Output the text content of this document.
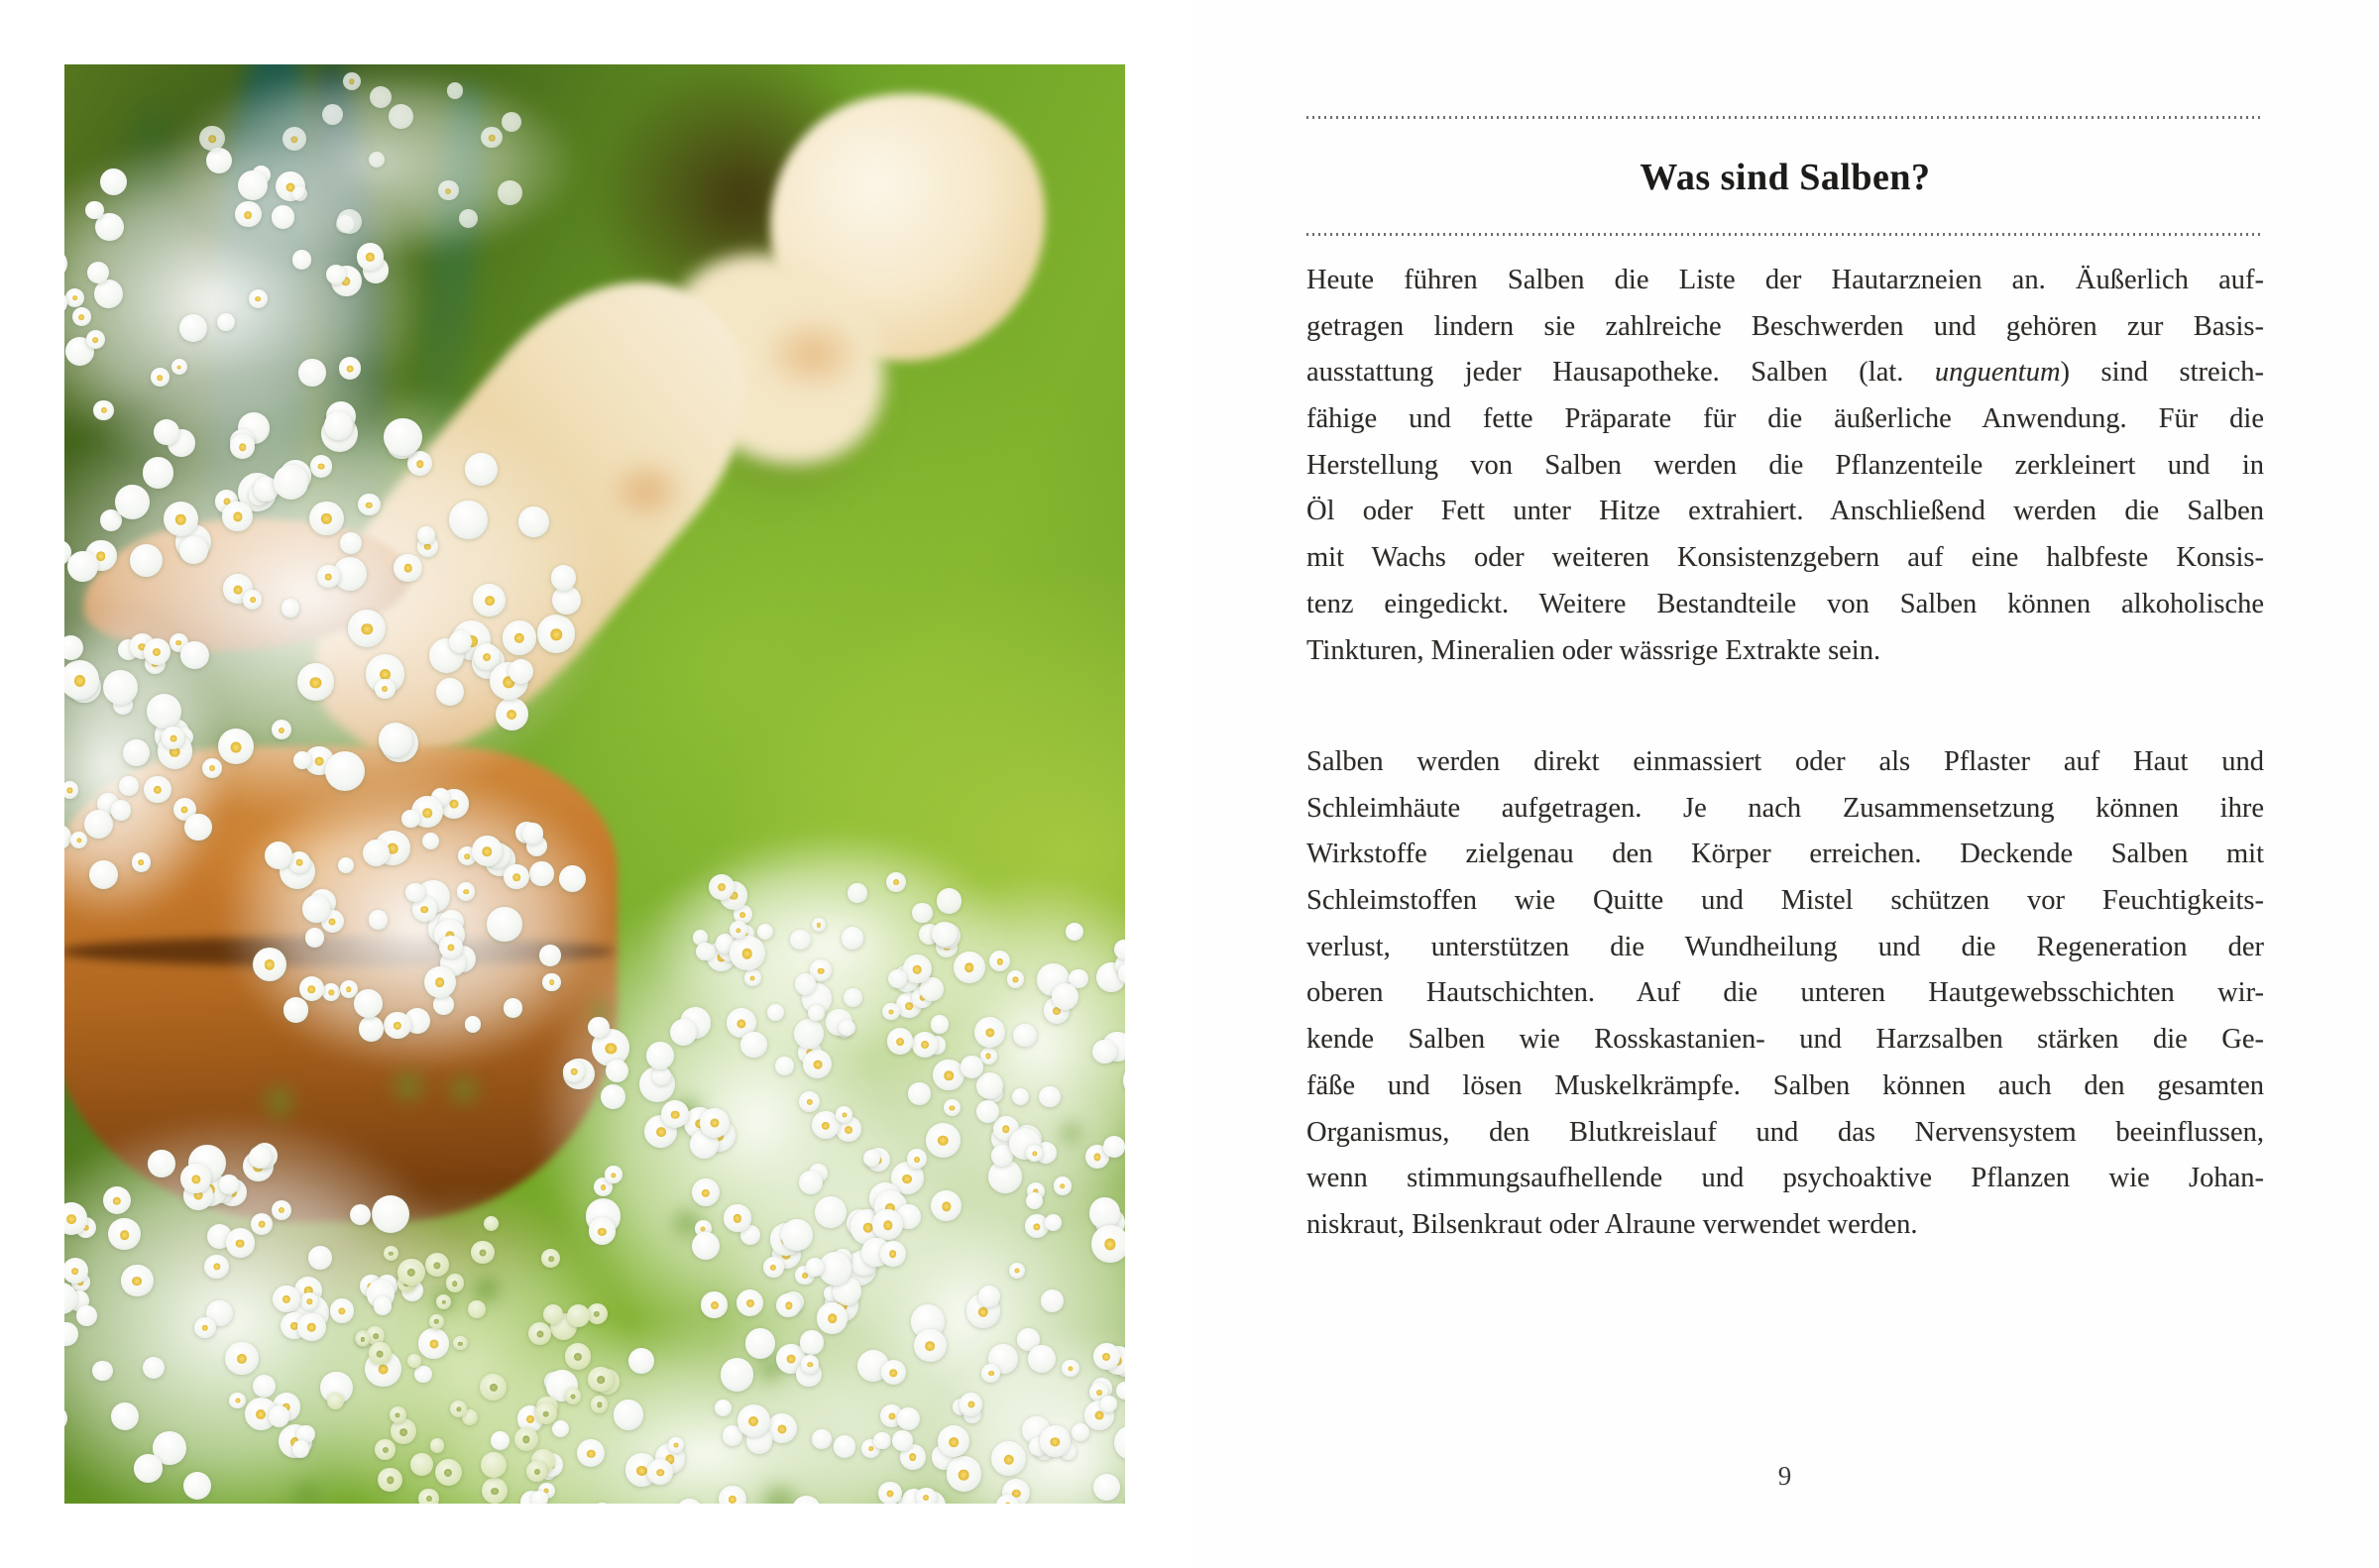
Was sind Salben?
Heute führen Salben die Liste der Hautarzneien an. Äußerlich auf-
getragen lindern sie zahlreiche Beschwerden und gehören zur Basis-
ausstattung jeder Hausapotheke. Salben (lat. unguentum) sind streich-
fähige und fette Präparate für die äußerliche Anwendung. Für die
Herstellung von Salben werden die Pflanzenteile zerkleinert und in
Öl oder Fett unter Hitze extrahiert. Anschließend werden die Salben
mit Wachs oder weiteren Konsistenzgebern auf eine halbfeste Konsis-
tenz eingedickt. Weitere Bestandteile von Salben können alkoholische
Tinkturen, Mineralien oder wässrige Extrakte sein.
Salben werden direkt einmassiert oder als Pflaster auf Haut und
Schleimhäute aufgetragen. Je nach Zusammensetzung können ihre
Wirkstoffe zielgenau den Körper erreichen. Deckende Salben mit
Schleimstoffen wie Quitte und Mistel schützen vor Feuchtigkeits-
verlust, unterstützen die Wundheilung und die Regeneration der
oberen Hautschichten. Auf die unteren Hautgewebsschichten wir-
kende Salben wie Rosskastanien- und Harzsalben stärken die Ge-
fäße und lösen Muskelkrämpfe. Salben können auch den gesamten
Organismus, den Blutkreislauf und das Nervensystem beeinflussen,
wenn stimmungsaufhellende und psychoaktive Pflanzen wie Johan-
niskraut, Bilsenkraut oder Alraune verwendet werden.
9
